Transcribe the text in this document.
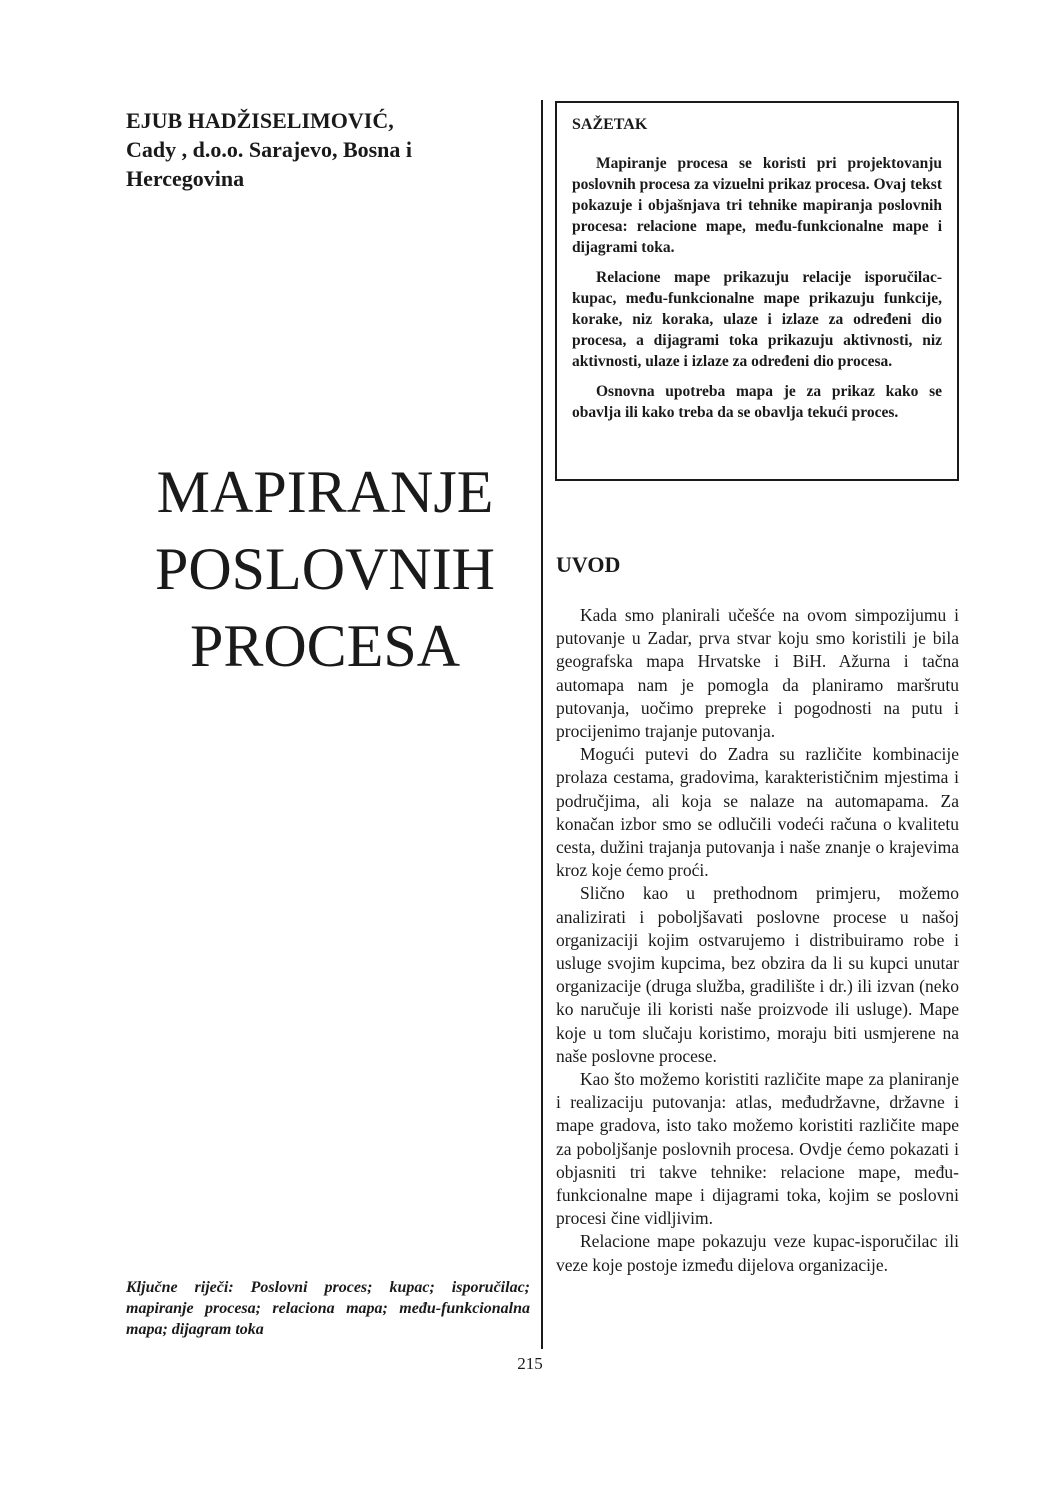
EJUB HADŽISELIMOVIĆ,
Cady , d.o.o. Sarajevo, Bosna i
Hercegovina
MAPIRANJE
POSLOVNIH
PROCESA
Ključne riječi: Poslovni proces; kupac; isporučilac; mapiranje procesa; relaciona mapa; među-funkcionalna mapa; dijagram toka
SAŽETAK

Mapiranje procesa se koristi pri projektovanju poslovnih procesa za vizuelni prikaz procesa. Ovaj tekst pokazuje i objašnjava tri tehnike mapiranja poslovnih procesa: relacione mape, među-funkcionalne mape i dijagrami toka.

Relacione mape prikazuju relacije isporučilac-kupac, među-funkcionalne mape prikazuju funkcije, korake, niz koraka, ulaze i izlaze za određeni dio procesa, a dijagrami toka prikazuju aktivnosti, niz aktivnosti, ulaze i izlaze za određeni dio procesa.

Osnovna upotreba mapa je za prikaz kako se obavlja ili kako treba da se obavlja tekući proces.

UVOD

Kada smo planirali učešće na ovom simpozijumu i putovanje u Zadar, prva stvar koju smo koristili je bila geografska mapa Hrvatske i BiH. Ažurna i tačna automapa nam je pomogla da planiramo maršrutu putovanja, uočimo prepreke i pogodnosti na putu i procijenimo trajanje putovanja.

Mogući putevi do Zadra su različite kombinacije prolaza cestama, gradovima, karakterističnim mjestima i područjima, ali koja se nalaze na automapama. Za konačan izbor smo se odlučili vodeći računa o kvalitetu cesta, dužini trajanja putovanja i naše znanje o krajevima kroz koje ćemo proći.

Slično kao u prethodnom primjeru, možemo analizirati i poboljšavati poslovne procese u našoj organizaciji kojim ostvarujemo i distribuiramo robe i usluge svojim kupcima, bez obzira da li su kupci unutar organizacije (druga služba, gradilište i dr.) ili izvan (neko ko naručuje ili koristi naše proizvode ili usluge). Mape koje u tom slučaju koristimo, moraju biti usmjerene na naše poslovne procese.

Kao što možemo koristiti različite mape za planiranje i realizaciju putovanja: atlas, međudržavne, državne i mape gradova, isto tako možemo koristiti različite mape za poboljšanje poslovnih procesa. Ovdje ćemo pokazati i objasniti tri takve tehnike: relacione mape, među-funkcionalne mape i dijagrami toka, kojim se poslovni procesi čine vidljivim.

Relacione mape pokazuju veze kupac-isporučilac ili veze koje postoje između dijelova organizacije.

215
